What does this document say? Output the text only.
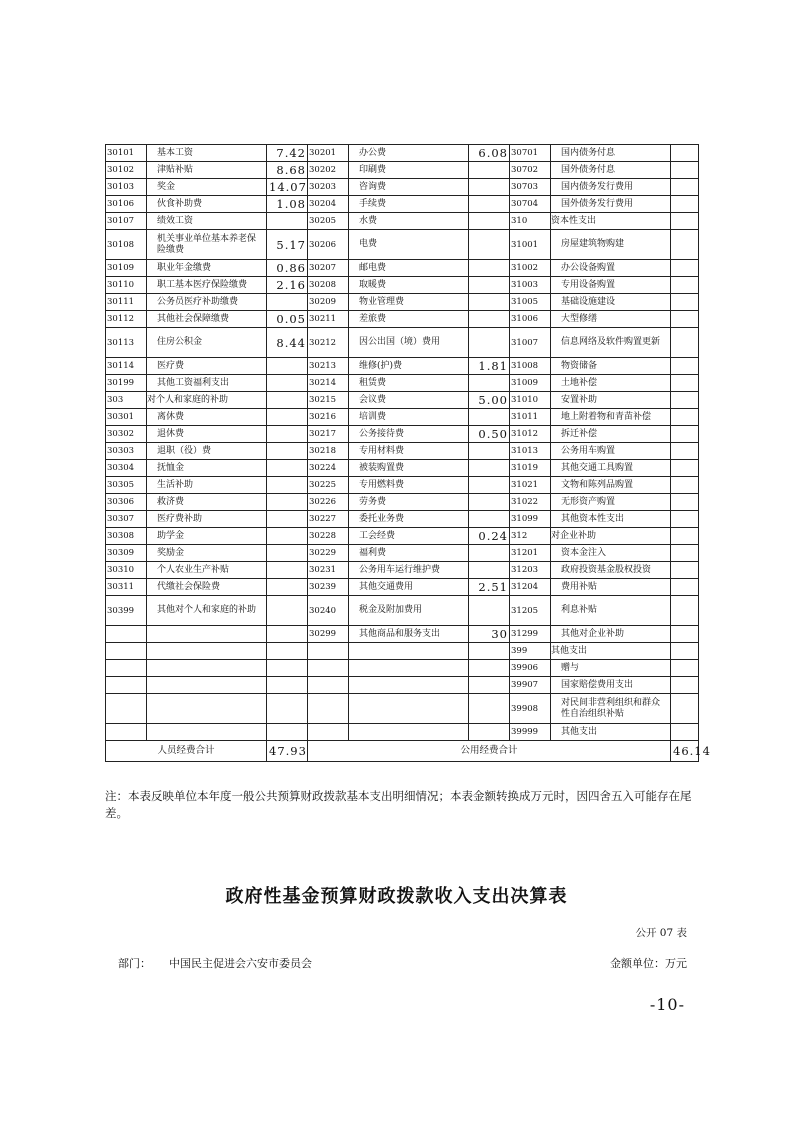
30101	基本工资	7.42	30201	办公费	6.08	30701	国内债务付息	
30102	津贴补贴	8.68	30202	印刷费		30702	国外债务付息	
30103	奖金	14.07	30203	咨询费		30703	国内债务发行费用	
30106	伙食补助费	1.08	30204	手续费		30704	国外债务发行费用	
30107	绩效工资		30205	水费		310	资本性支出	
30108	机关事业单位基本养老保险缴费	5.17	30206	电费		31001	房屋建筑物购建	
30109	职业年金缴费	0.86	30207	邮电费		31002	办公设备购置	
30110	职工基本医疗保险缴费	2.16	30208	取暖费		31003	专用设备购置	
30111	公务员医疗补助缴费		30209	物业管理费		31005	基础设施建设	
30112	其他社会保障缴费	0.05	30211	差旅费		31006	大型修缮	
30113	住房公积金	8.44	30212	因公出国（境）费用		31007	信息网络及软件购置更新	
30114	医疗费		30213	维修(护)费	1.81	31008	物资储备	
30199	其他工资福利支出		30214	租赁费		31009	土地补偿	
303	对个人和家庭的补助		30215	会议费	5.00	31010	安置补助	
30301	离休费		30216	培训费		31011	地上附着物和青苗补偿	
30302	退休费		30217	公务接待费	0.50	31012	拆迁补偿	
30303	退职（役）费		30218	专用材料费		31013	公务用车购置	
30304	抚恤金		30224	被装购置费		31019	其他交通工具购置	
30305	生活补助		30225	专用燃料费		31021	文物和陈列品购置	
30306	救济费		30226	劳务费		31022	无形资产购置	
30307	医疗费补助		30227	委托业务费		31099	其他资本性支出	
30308	助学金		30228	工会经费	0.24	312	对企业补助	
30309	奖励金		30229	福利费		31201	资本金注入	
30310	个人农业生产补贴		30231	公务用车运行维护费		31203	政府投资基金股权投资	
30311	代缴社会保险费		30239	其他交通费用	2.51	31204	费用补贴	
30399	其他对个人和家庭的补助		30240	税金及附加费用		31205	利息补贴	
			30299	其他商品和服务支出	30	31299	其他对企业补助	
						399	其他支出	
						39906	赠与	
						39907	国家赔偿费用支出	
						39908	对民间非营利组织和群众性自治组织补贴	
						39999	其他支出	
人员经费合计		47.93	公用经费合计					46.14
注：本表反映单位本年度一般公共预算财政拨款基本支出明细情况；本表金额转换成万元时，因四舍五入可能存在尾差。
政府性基金预算财政拨款收入支出决算表
公开 07 表
部门： 中国民主促进会六安市委员会	金额单位：万元
-10-
